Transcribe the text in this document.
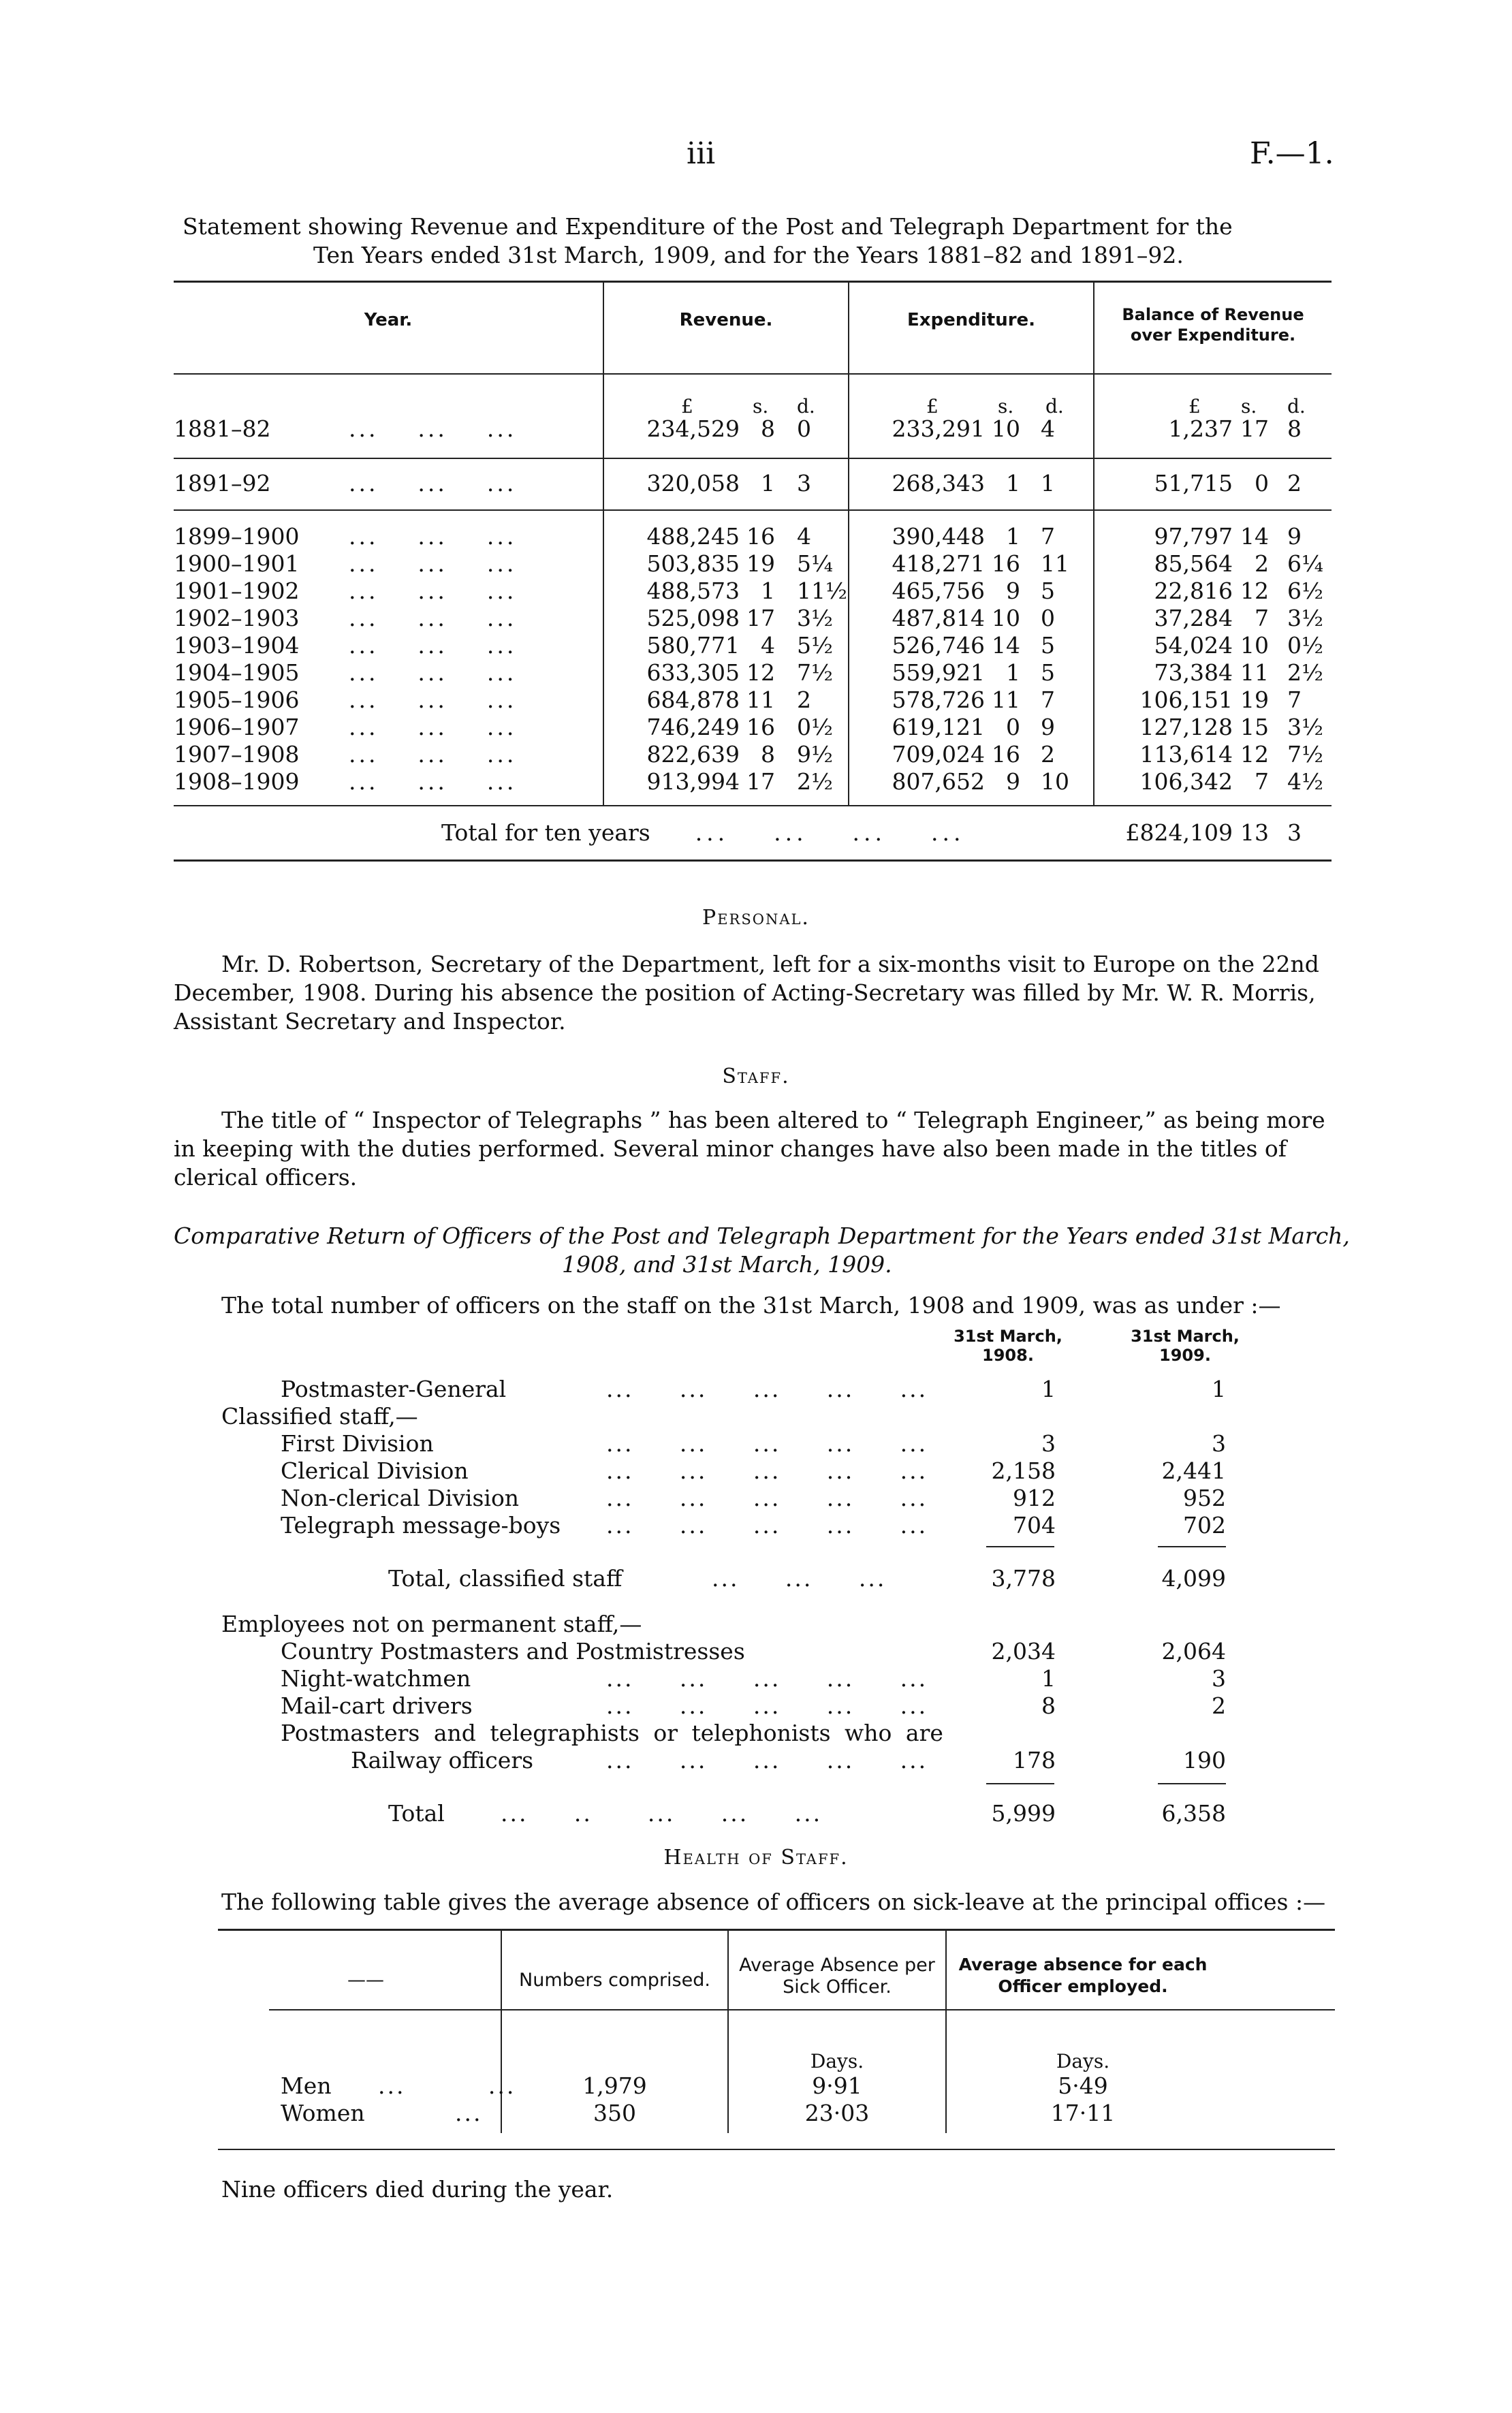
iii	F.—1.
Statement showing Revenue and Expenditure of the Post and Telegraph Department for the
Ten Years ended 31st March, 1909, and for the Years 1881–82 and 1891–92.
Year.	Revenue.	Expenditure.	Balance of Revenue
over Expenditure.
£	s. d.	£	s. d.	£ s. d.
1881–82	...    ...    ...	234,529 8 0	233,291 10 4	1,237 17 8
1891–92	...    ...    ...	320,058 1 3	268,343 1 1	51,715 0 2
1899–1900 ...    ...    ...	488,245 16 4	390,448 1 7	97,797 14 9
1900–1901 ...    ...    ...	503,835 19 5¼	418,271 16 11	85,564 2 6¼
1901–1902 ...    ...    ...	488,573 1 11½	465,756 9 5	22,816 12 6½
1902–1903 ...    ...    ...	525,098 17 3½	487,814 10 0	37,284 7 3½
1903–1904 ...    ...    ...	580,771 4 5½	526,746 14 5	54,024 10 0½
1904–1905 ...    ...    ...	633,305 12 7½	559,921 1 5	73,384 11 2½
1905–1906 ...    ...    ...	684,878 11 2	578,726 11 7	106,151 19 7
1906–1907 ...    ...    ...	746,249 16 0½	619,121 0 9	127,128 15 3½
1907–1908 ...    ...    ...	822,639 8 9½	709,024 16 2	113,614 12 7½
1908–1909 ...    ...    ...	913,994 17 2½	807,652 9 10	106,342 7 4½
Total for ten years    ...    ...    ...    ...	£824,109 13 3
Personal.
Mr. D. Robertson, Secretary of the Department, left for a six-months visit to Europe on the 22nd
December, 1908. During his absence the position of Acting-Secretary was filled by Mr. W. R. Morris,
Assistant Secretary and Inspector.
Staff.
The title of “ Inspector of Telegraphs ” has been altered to “ Telegraph Engineer,” as being more
in keeping with the duties performed. Several minor changes have also been made in the titles of
clerical officers.
Comparative Return of Officers of the Post and Telegraph Department for the Years ended 31st March,
1908, and 31st March, 1909.
The total number of officers on the staff on the 31st March, 1908 and 1909, was as under :—
31st March,
1908.
31st March,
1909.
Postmaster-General	...     ...     ...     ...     ...	1	1
Classified staff,—
First Division	...     ...     ...     ...     ...	3	3
Clerical Division	...     ...     ...     ...     ...	2,158	2,441
Non-clerical Division	...     ...     ...     ...     ...	912	952
Telegraph message-boys ...     ...     ...     ...     ...	704	702
Total, classified staff	3,778	4,099
...     ...     ...
Employees not on permanent staff,—
Country Postmasters and Postmistresses	2,034	2,064
Night-watchmen	...     ...     ...     ...     ...	1	3
Mail-cart drivers	...     ...     ...     ...     ...	8	2
Postmasters and telegraphists or telephonists who are
Railway officers	...     ...     ...     ...     ...	178	190
Total	5,999	6,358
...     ..      ...     ...     ...
Health of Staff.
The following table gives the average absence of officers on sick-leave at the principal offices :—
——	Numbers comprised.
Average Absence per
Sick Officer.
Average absence for each
Officer employed.
Days.	Days.
Men ...         ...	1,979	9·91	5·49
Women	...	350	23·03	17·11
Nine officers died during the year.
